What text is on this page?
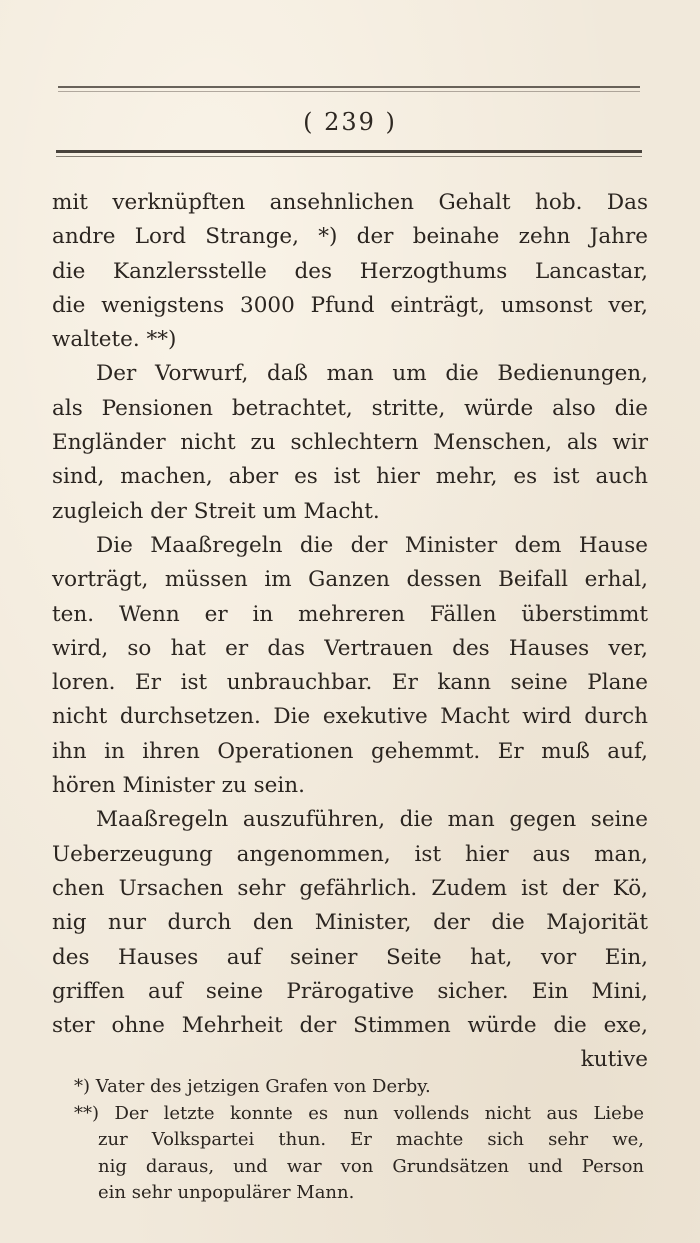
( 239 )
mit verknüpften ansehnlichen Gehalt hob. Das
andre Lord Strange, *) der beinahe zehn Jahre
die Kanzlersstelle des Herzogthums Lancastar,
die wenigstens 3000 Pfund einträgt, umsonst ver,
waltete. **)
Der Vorwurf, daß man um die Bedienungen,
als Pensionen betrachtet, stritte, würde also die
Engländer nicht zu schlechtern Menschen, als wir
sind, machen, aber es ist hier mehr, es ist auch
zugleich der Streit um Macht.
Die Maaßregeln die der Minister dem Hause
vorträgt, müssen im Ganzen dessen Beifall erhal,
ten. Wenn er in mehreren Fällen überstimmt
wird, so hat er das Vertrauen des Hauses ver,
loren. Er ist unbrauchbar. Er kann seine Plane
nicht durchsetzen. Die exekutive Macht wird durch
ihn in ihren Operationen gehemmt. Er muß auf,
hören Minister zu sein.
Maaßregeln auszuführen, die man gegen seine
Ueberzeugung angenommen, ist hier aus man,
chen Ursachen sehr gefährlich. Zudem ist der Kö,
nig nur durch den Minister, der die Majorität
des Hauses auf seiner Seite hat, vor Ein,
griffen auf seine Prärogative sicher. Ein Mini,
ster ohne Mehrheit der Stimmen würde die exe,
kutive
*) Vater des jetzigen Grafen von Derby.
**) Der letzte konnte es nun vollends nicht aus Liebe
zur Volkspartei thun. Er machte sich sehr we,
nig daraus, und war von Grundsätzen und Person
ein sehr unpopulärer Mann.
